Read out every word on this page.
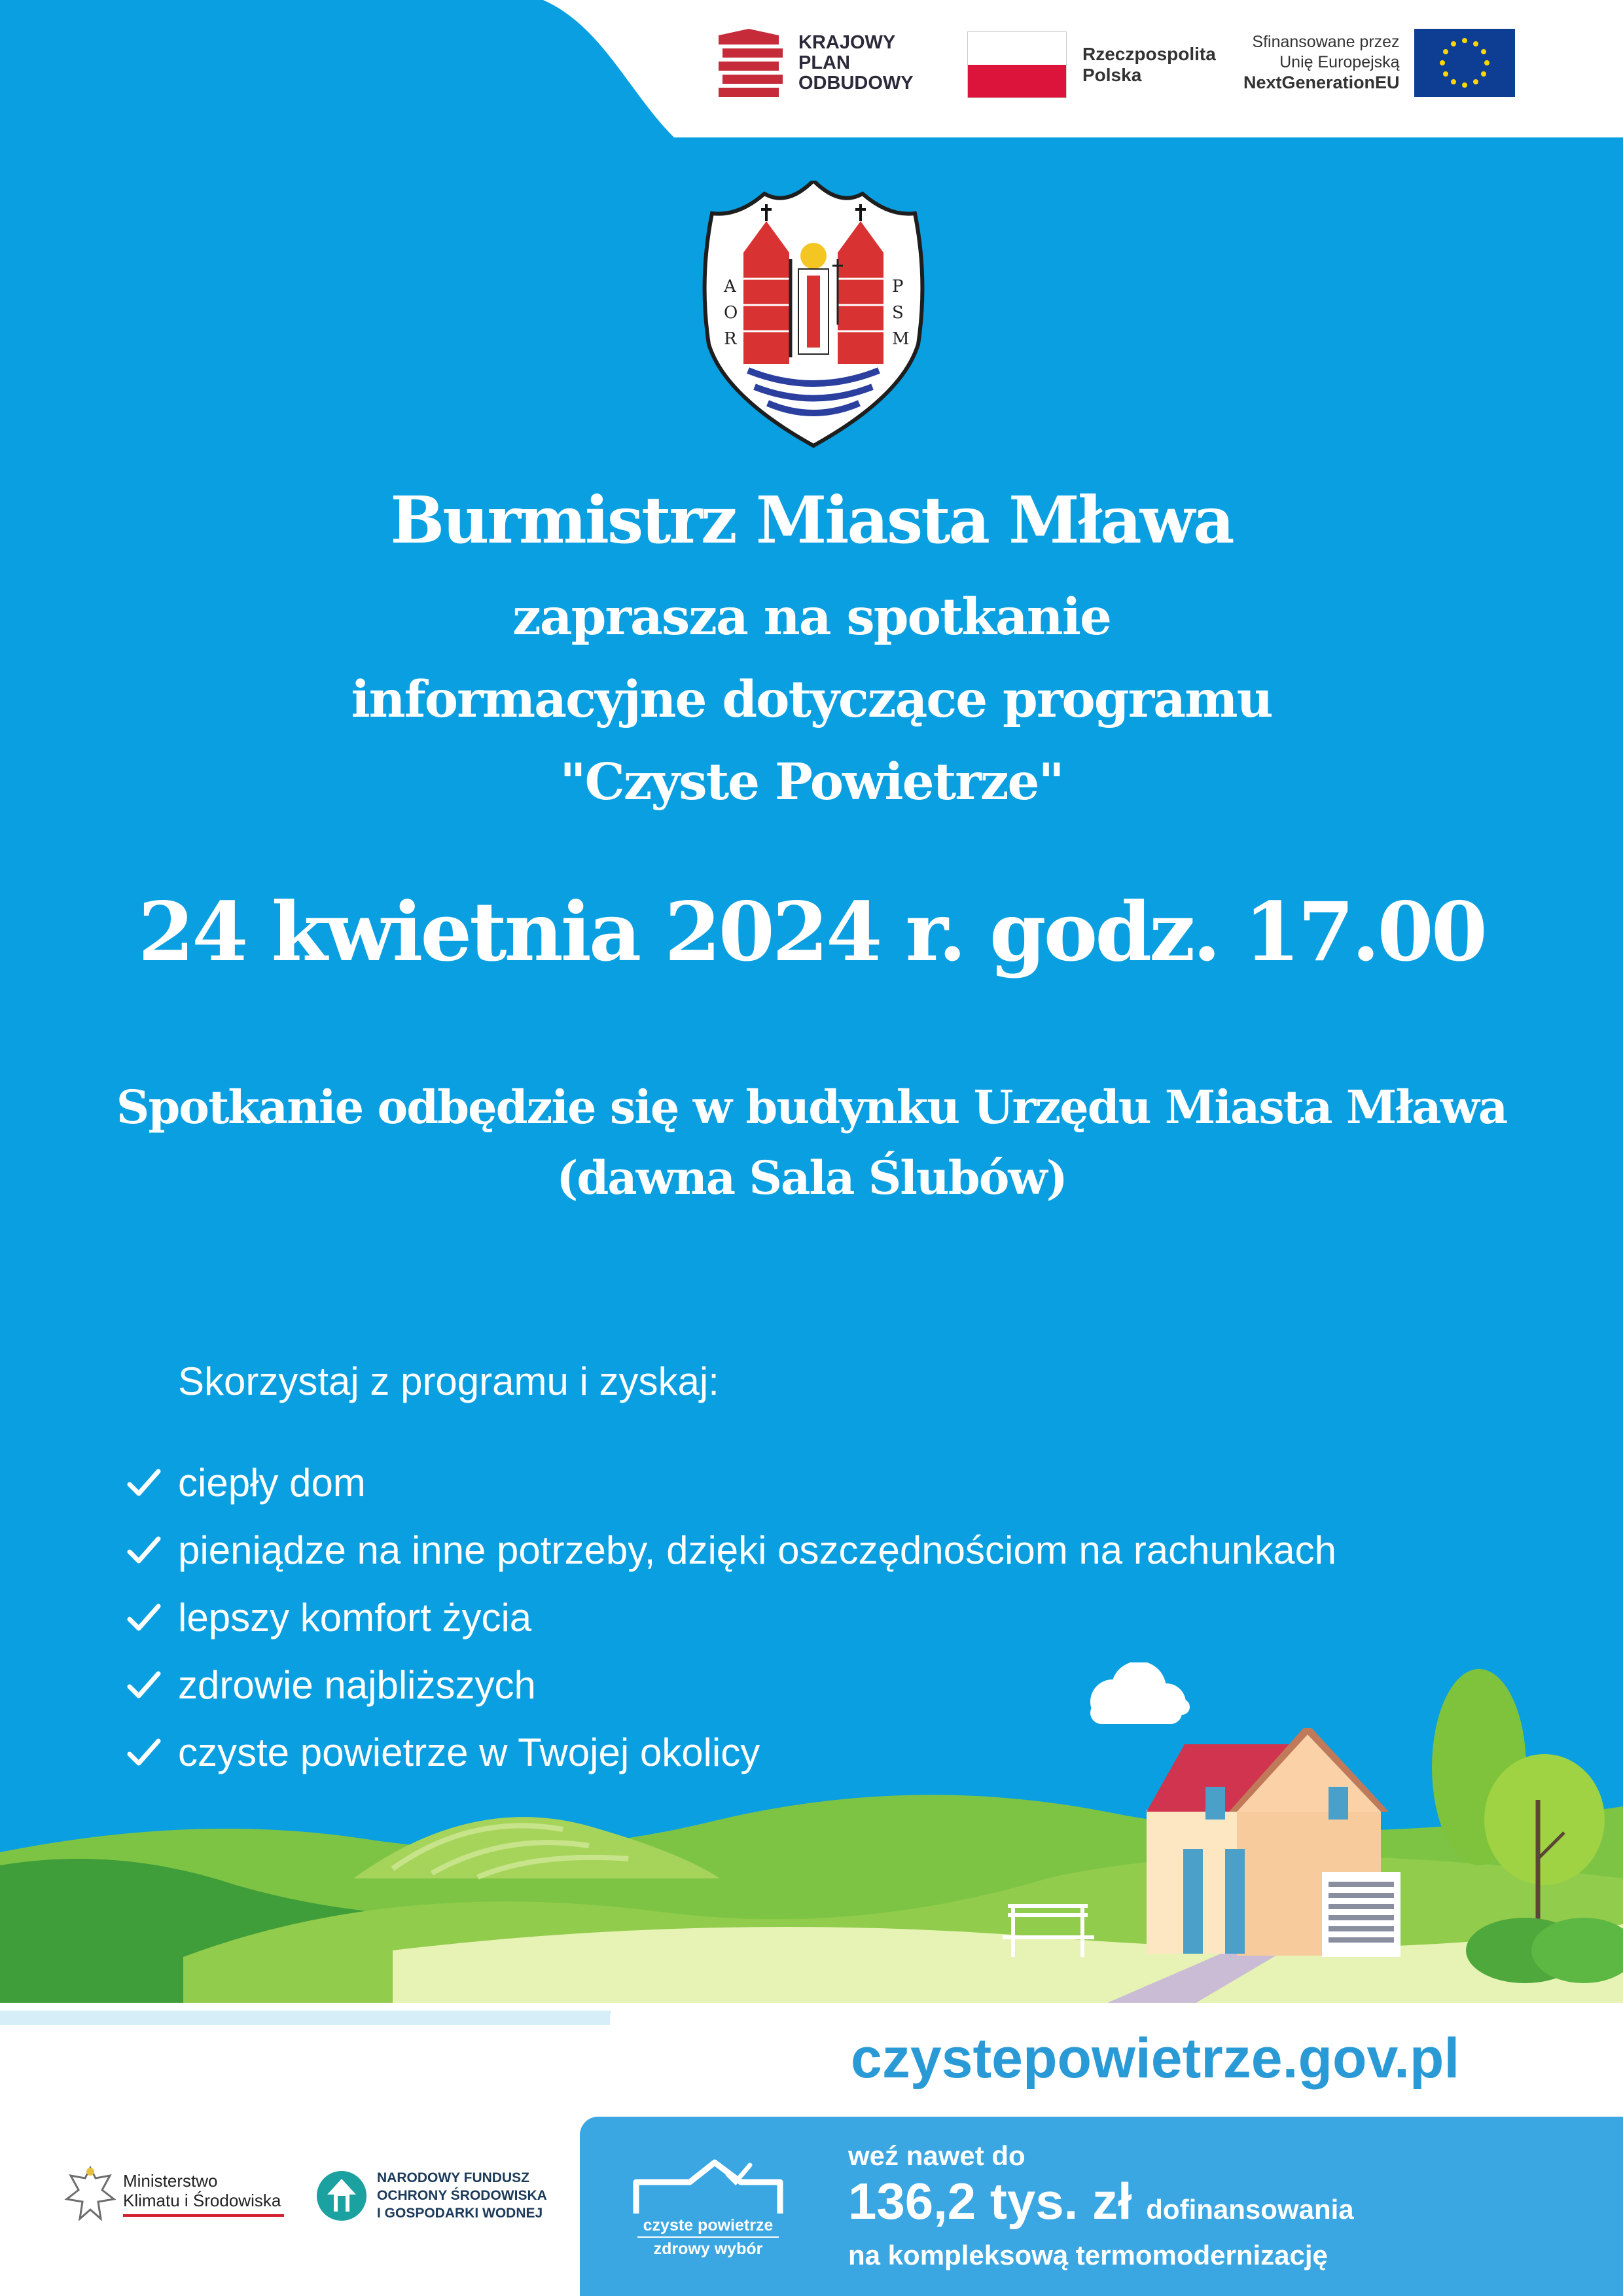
KRAJOWY
PLAN
ODBUDOWY
Rzeczpospolita
Polska
Sfinansowane przez
Unię Europejską
NextGenerationEU
A
O
R
P
S
M
Burmistrz Miasta Mława
zaprasza na spotkanie
informacyjne dotyczące programu
"Czyste Powietrze"
24 kwietnia 2024 r. godz. 17.00
Spotkanie odbędzie się w budynku Urzędu Miasta Mława
(dawna Sala Ślubów)
Skorzystaj z programu i zyskaj:
ciepły dom
pieniądze na inne potrzeby, dzięki oszczędnościom na rachunkach
lepszy komfort życia
zdrowie najbliższych
czyste powietrze w Twojej okolicy
czystepowietrze.gov.pl
czyste powietrze
zdrowy wybór
weź nawet do
136,2 tys. zł dofinansowania
na kompleksową termomodernizację
Ministerstwo
Klimatu i Środowiska
NARODOWY FUNDUSZ
OCHRONY ŚRODOWISKA
I GOSPODARKI WODNEJ
